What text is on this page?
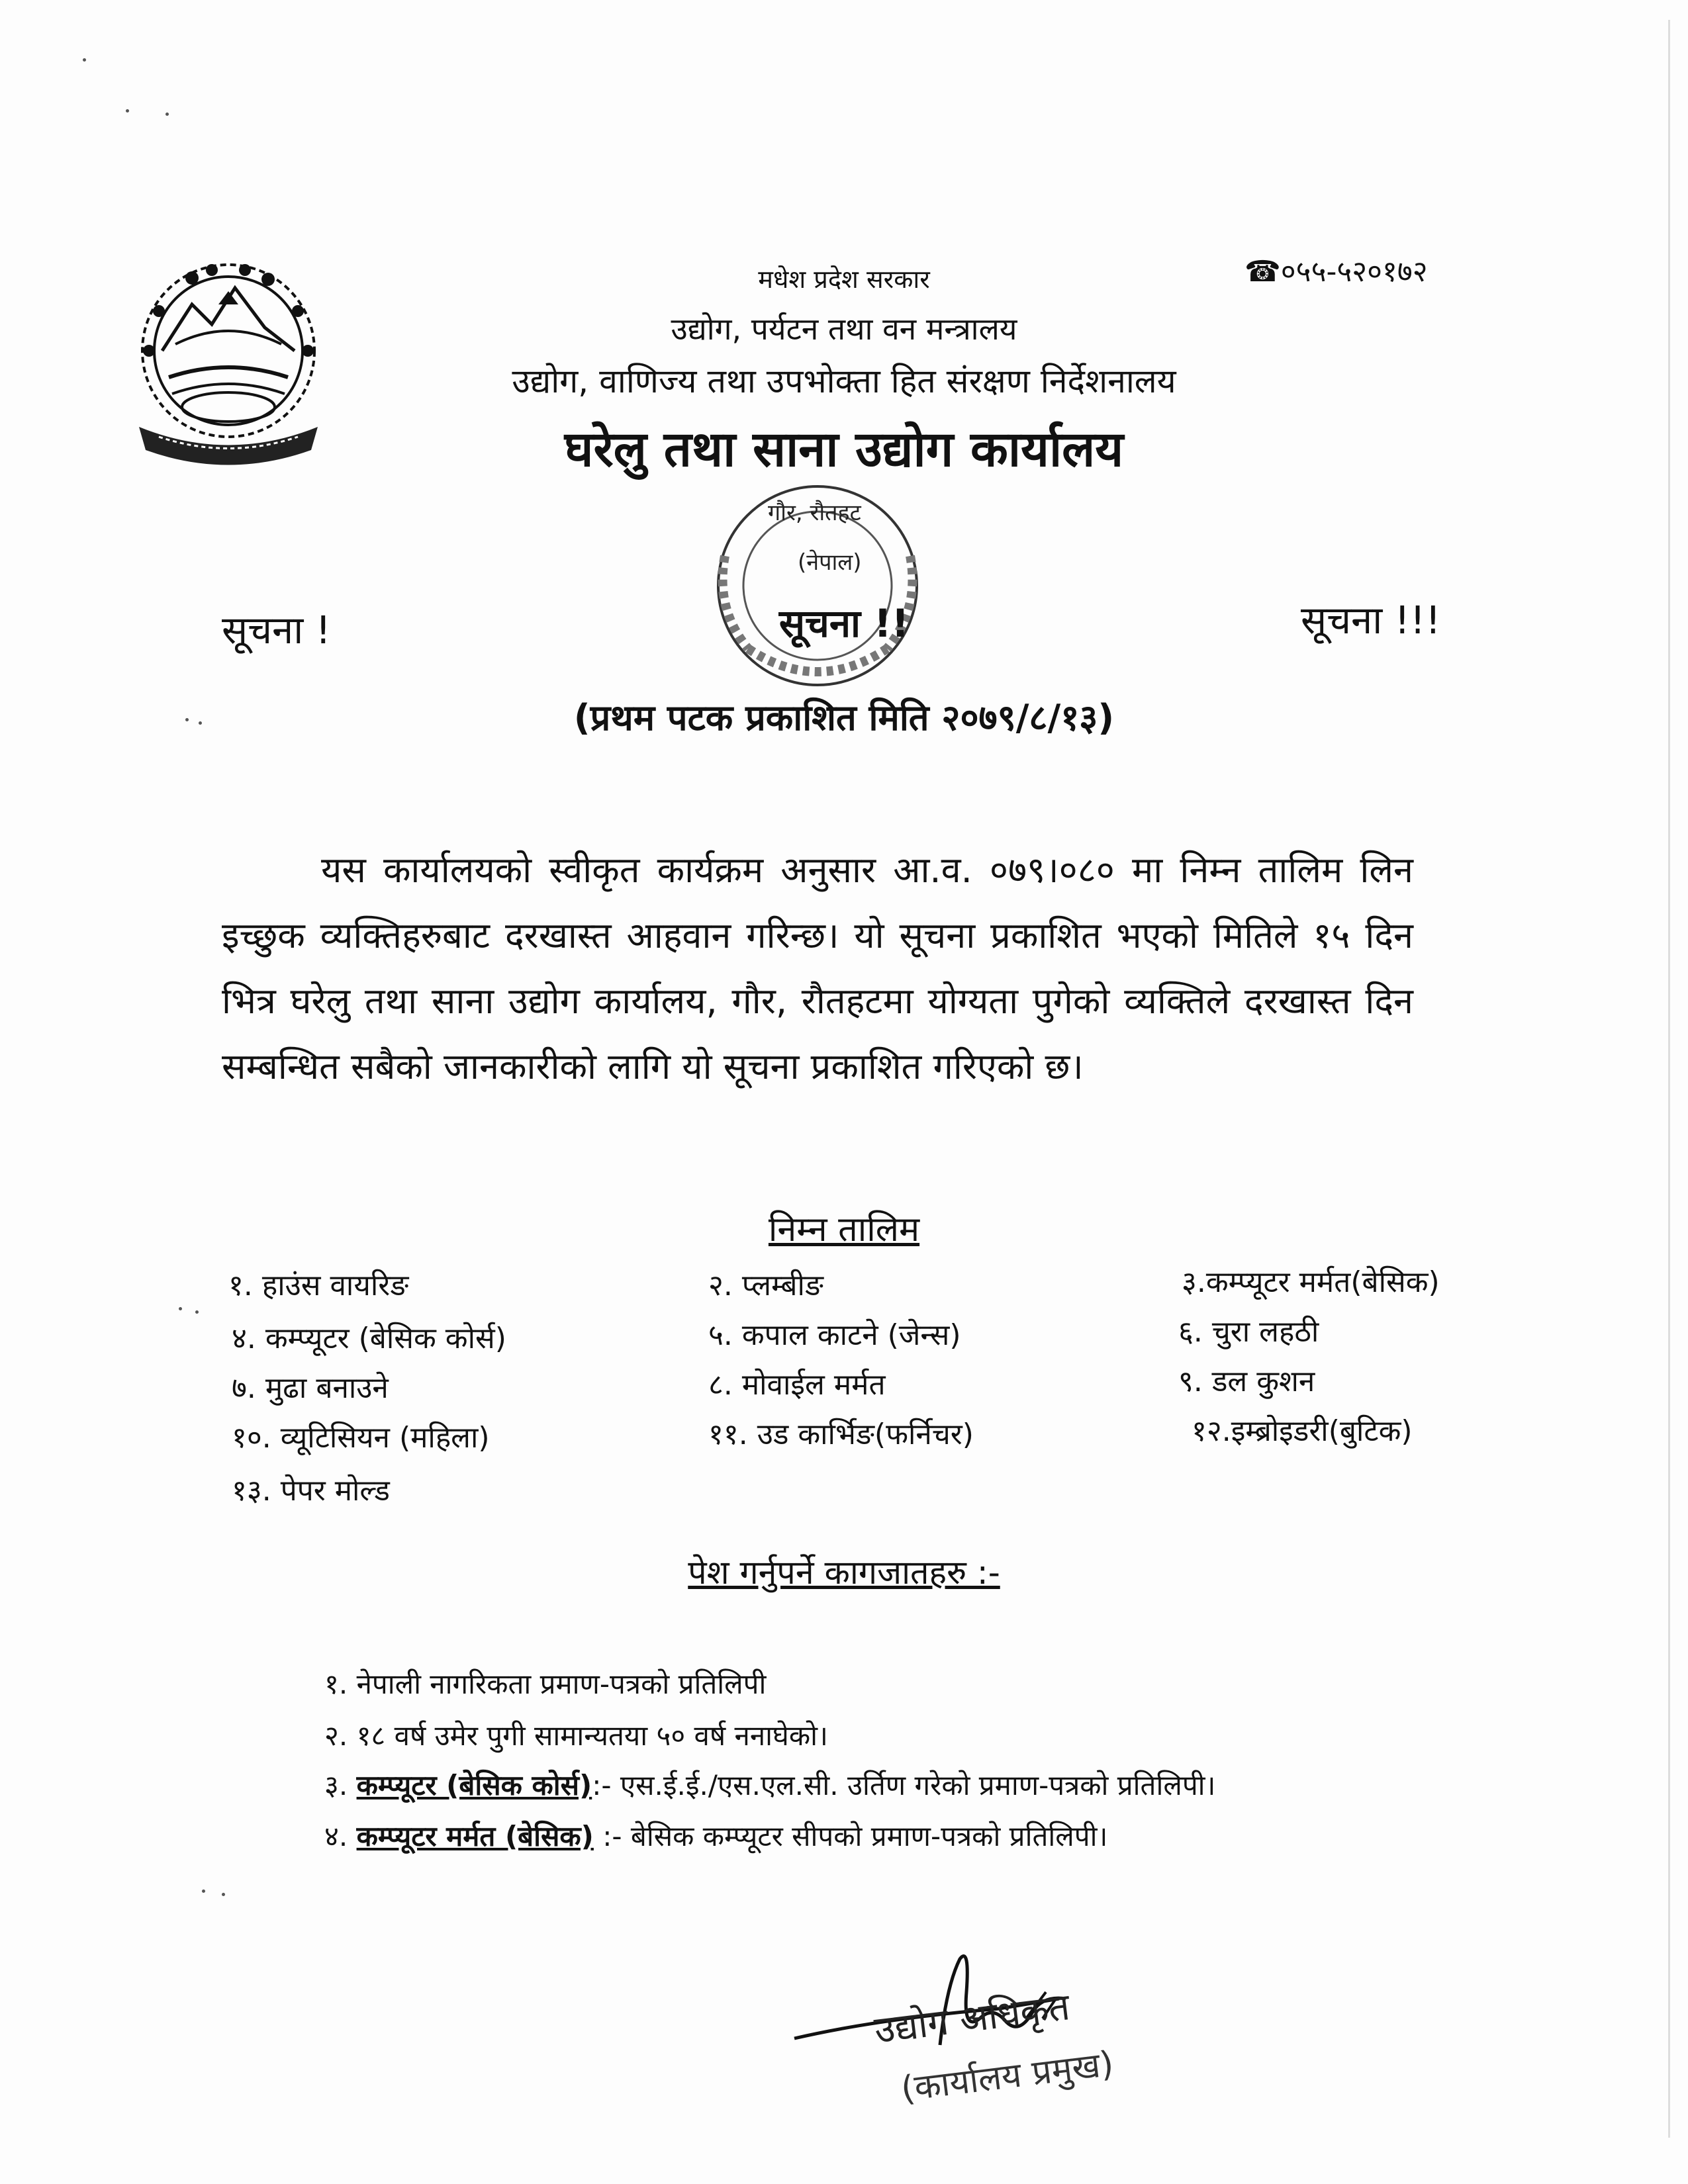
मधेश प्रदेश सरकार	☎०५५-५२०१७२
उद्योग, पर्यटन तथा वन मन्त्रालय
उद्योग, वाणिज्य तथा उपभोक्ता हित संरक्षण निर्देशनालय
घरेलु तथा साना उद्योग कार्यालय
गौर, रौतहट
(नेपाल)
सूचना !	सूचना !!	सूचना !!!
(प्रथम पटक प्रकाशित मिति २०७९/८/१३)
यस कार्यालयको स्वीकृत कार्यक्रम अनुसार आ.व. ०७९।०८० मा निम्न तालिम लिन इच्छुक व्यक्तिहरुबाट दरखास्त आहवान गरिन्छ। यो सूचना प्रकाशित भएको मितिले १५ दिन भित्र घरेलु तथा साना उद्योग कार्यालय, गौर, रौतहटमा योग्यता पुगेको व्यक्तिले दरखास्त दिन सम्बन्धित सबैको जानकारीको लागि यो सूचना प्रकाशित गरिएको छ।
निम्न तालिम
१. हाउंस वायरिङ	२. प्लम्बीङ	३.कम्प्यूटर मर्मत(बेसिक)
४. कम्प्यूटर (बेसिक कोर्स)	५. कपाल काटने (जेन्स)	६. चुरा लहठी
७. मुढा बनाउने	८. मोवाईल मर्मत	९. डल कुशन
१०. व्यूटिसियन (महिला)	११. उड कार्भिङ(फर्निचर)	१२.इम्ब्रोइडरी(बुटिक)
१३. पेपर मोल्ड
पेश गर्नुपर्ने कागजातहरु :-
१. नेपाली नागरिकता प्रमाण-पत्रको प्रतिलिपी
२. १८ वर्ष उमेर पुगी सामान्यतया ५० वर्ष ननाघेको।
३. कम्प्यूटर (बेसिक कोर्स):- एस.ई.ई./एस.एल.सी. उर्तिण गरेको प्रमाण-पत्रको प्रतिलिपी।
४. कम्प्यूटर मर्मत (बेसिक) :- बेसिक कम्प्यूटर सीपको प्रमाण-पत्रको प्रतिलिपी।
उद्योग अधिकृत
(कार्यालय प्रमुख)
